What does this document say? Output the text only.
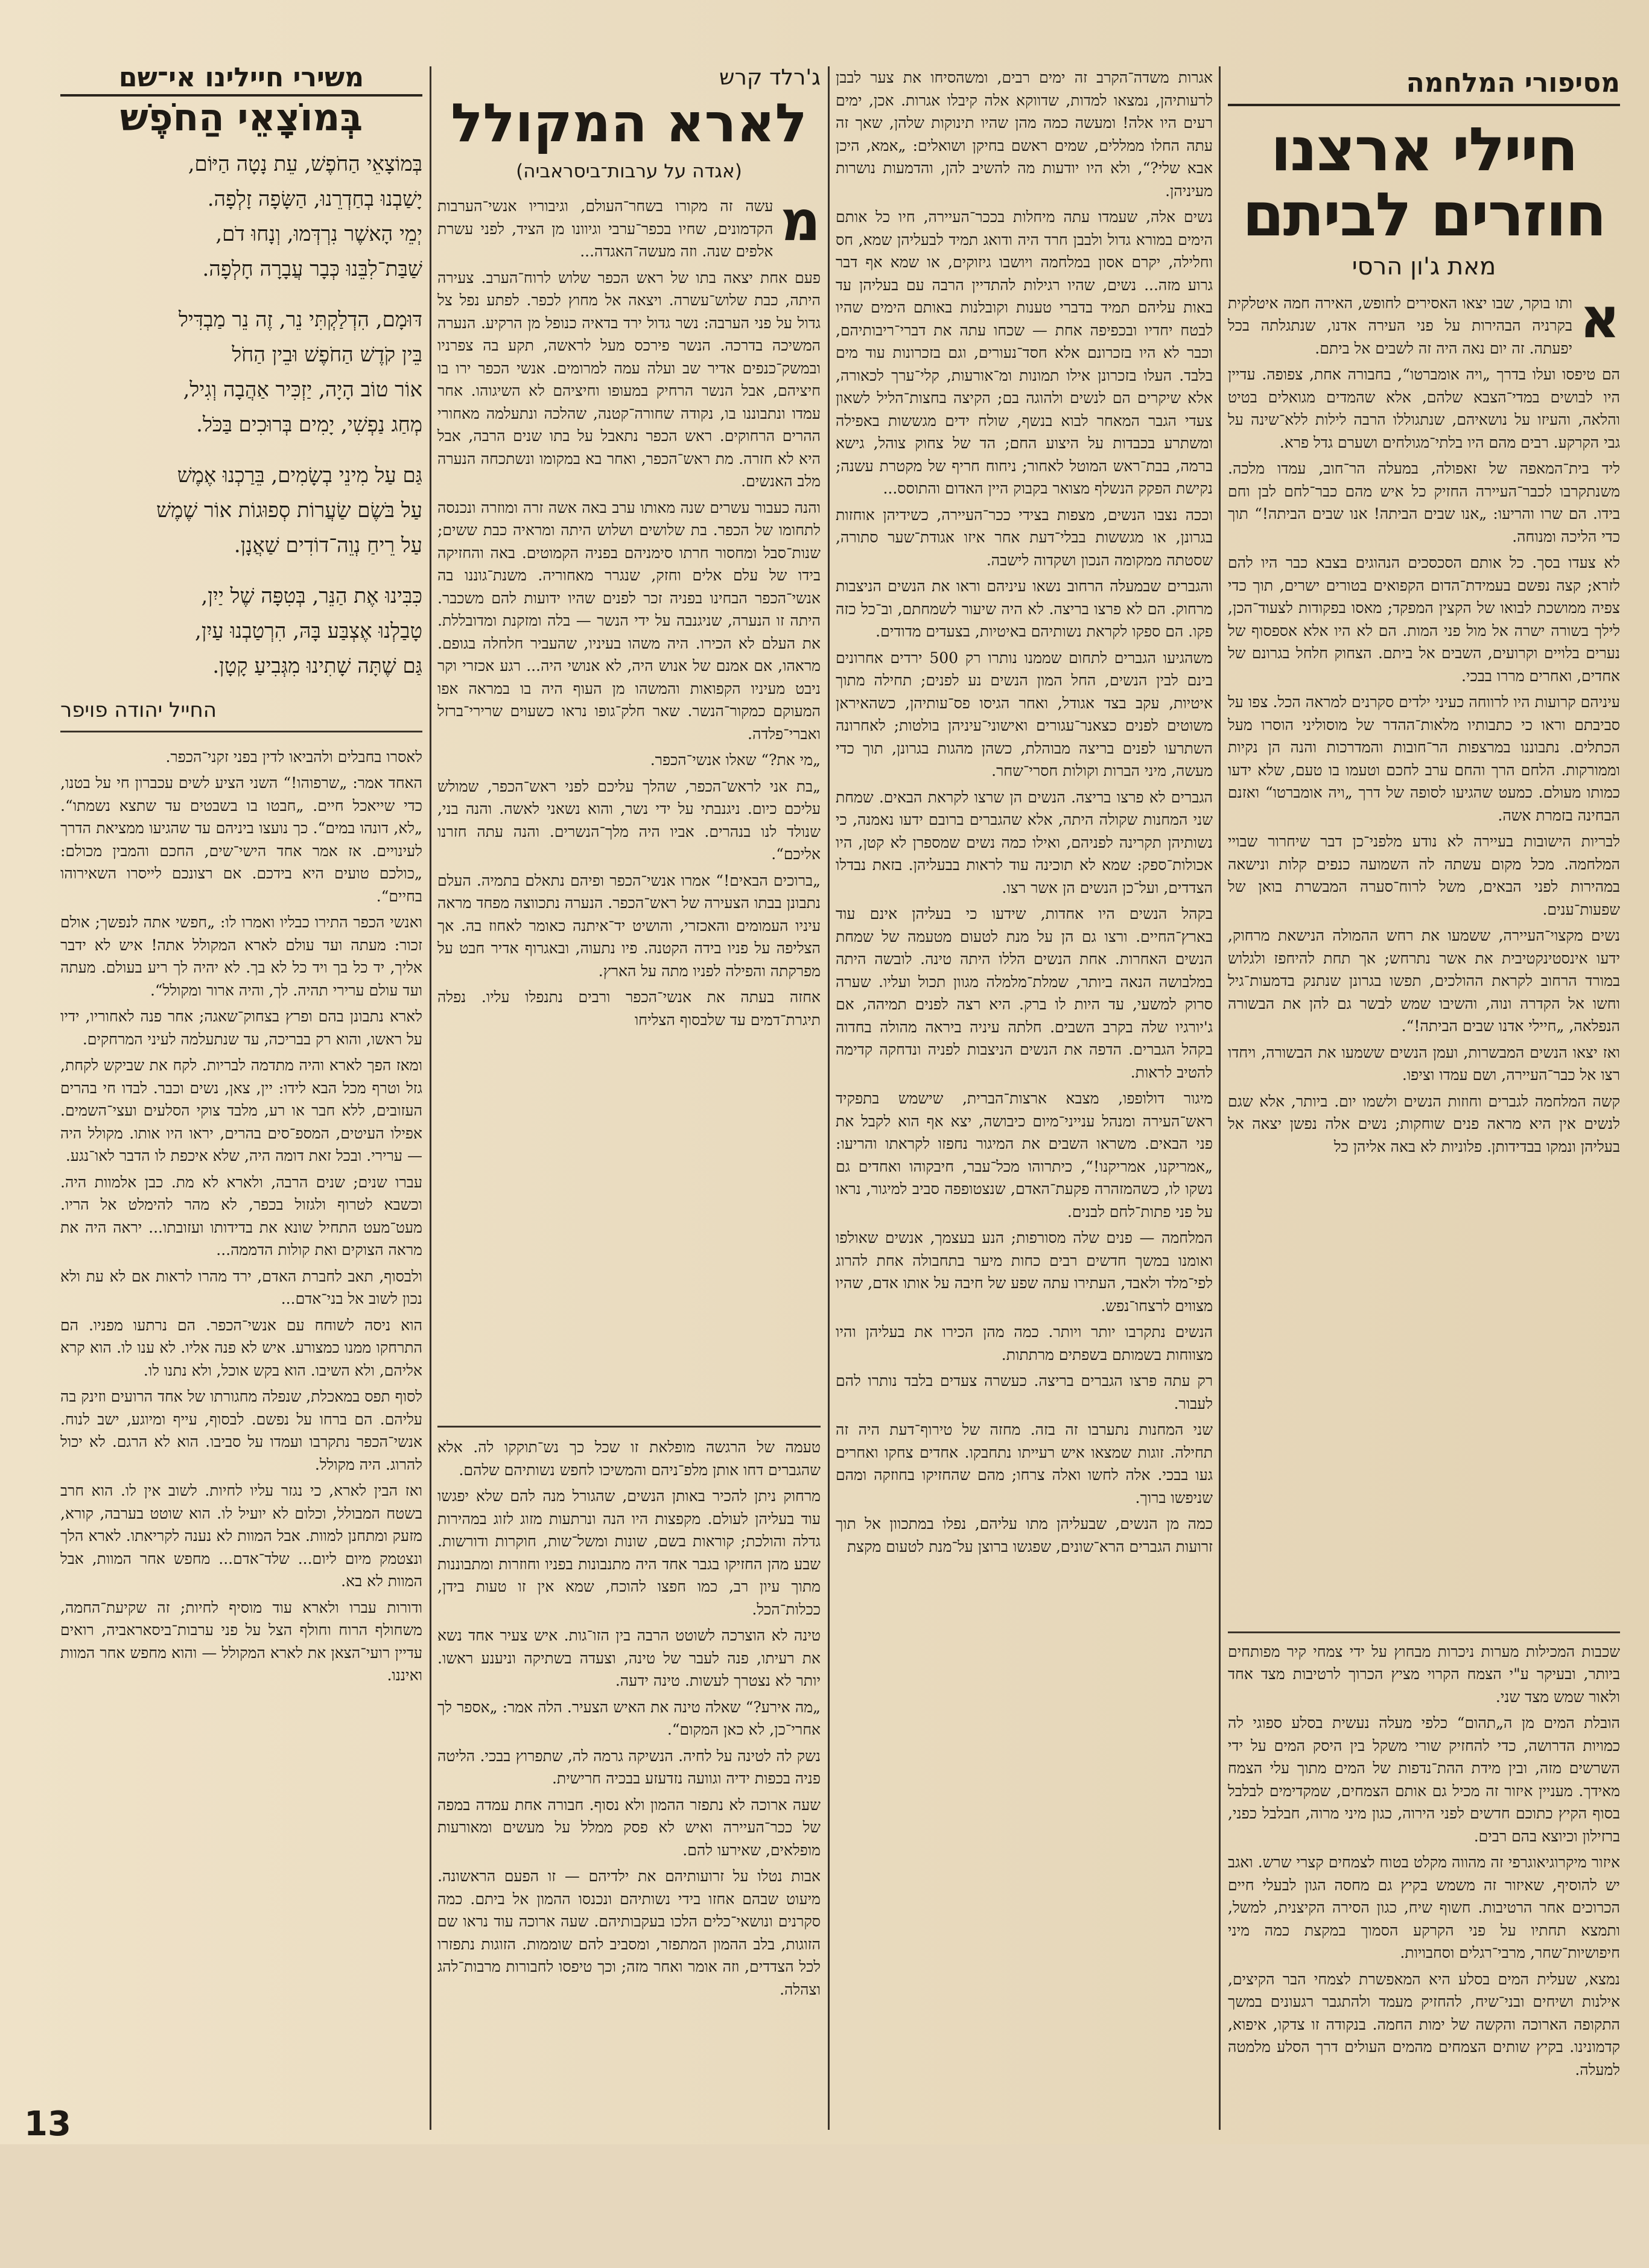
מסיפורי המלחמה
חיילי ארצנו חוזרים לביתם
מאת ג'ון הרסי

א
ותו בוקר, שבו יצאו האסירים לחופש, האירה חמה איטלקית בקרניה הבהירות על פני העירה אדנו, שנתגלתה בכל יפעתה. זה יום נאה היה זה לשבים אל ביתם.

הם טיפסו ועלו בדרך „ויה אומברטו“, בחבורה אחת, צפופה. עדיין היו לבושים במדי־הצבא שלהם, אלא שהמדים מגואלים בטיט והלאה, והעיזו על נושאיהם, שנתגוללו הרבה לילות ללא־שינה על גבי הקרקע. רבים מהם היו בלתי־מגולחים ושערם גדל פרא.

ליד בית־המאפה של זאפולה, במעלה הר־חוב, עמדו מלכה. משנתקרבו לכבר־העיירה החזיק כל איש מהם כבר־לחם לבן וחם בידו. הם שרו והריעו: „אנו שבים הביתה! אנו שבים הביתה!“ תוך כדי הליכה ומנוחה.

לא צעדו בסך. כל אותם הסכסכים הנהוגים בצבא כבר היו להם לזרא; קצה נפשם בעמידת־הדום הקפואים בטורים ישרים, תוך כדי צפיה ממושכת לבואו של הקצין המפקד; מאסו בפקודות לצעוד־הכן, לילך בשורה ישרה אל מול פני המות. הם לא היו אלא אספסוף של נערים בלויים וקרועים, השבים אל ביתם. הצחוק חלחל בגרונם של אחדים, ואחרים מררו בבכי.

עיניהם קרועות היו לרווחה כעיני ילדים סקרנים למראה הכל. צפו על סביבתם וראו כי כתבותיו מלאות־ההדר של מוסוליני הוסרו מעל הכתלים. נתבוננו במרצפות הר־חובות והמדרכות והנה הן נקיות וממורקות. הלחם הרך והחם ערב לחכם וטעמו בו טעם, שלא ידעו כמותו מעולם. כמעט שהגיעו לסופה של דרך „ויה אומברטו“ ואזנם הבחינה בזמרת אשה.

לבריות הישובות בעיירה לא נודע מלפני־כן דבר שיחרור שבויי המלחמה. מכל מקום עשתה לה השמועה כנפים קלות ונישאה במהירות לפני הבאים, משל לרוח־סערה המבשרת בואן של שפעות־ענים.

נשים מקצוי־העיירה, ששמעו את רחש ההמולה הנישאת מרחוק, ידעו אינסטינקטיבית את אשר נתרחש; אך תחת להיחפז ולגלוש במורד הרחוב לקראת ההולכים, תפשו בגרונן שנתנק בדמעות־גיל וחשו אל הקדרה ונוה, והשיבו שמש לבשר גם להן את הבשורה הנפלאה, „חיילי אדנו שבים הביתה!“.

ואז יצאו הנשים המבשרות, ועמן הנשים ששמעו את הבשורה, ויחדו רצו אל כבר־העיירה, ושם עמדו וציפו.

קשה המלחמה לגברים וחוזות הנשים ולשמו יום. ביותר, אלא שגם לנשים אין היא מראה פנים שוחקות; נשים אלה נפשן יצאה אל בעליהן ונמקו בבדידותן. פלוניות לא באה אליהן כל

שכבות המכילות מערות ניכרות מבחוץ על ידי צמחי קיר מפותחים ביותר, ובעיקר ע"י הצמח הקרוי מציץ הכרוך לרטיבות מצד אחד ולאור שמש מצד שני.

הובלת המים מן ה„תהום“ כלפי מעלה נעשית בסלע ספוגי לה כמויות הדרושה, כדי להחזיק שורי משקל בין היסק המים על ידי השרשים מזה, ובין מידת ההת־נדפות של המים מתוך עלי הצמח מאידך. מעניין איזור זה מכיל גם אותם הצמחים, שמקדימים לבלבל בסוף הקיץ כתוכם חדשים לפני הירוה, כגון מיני מרוה, חבלבל כפני, ברזילון וכיוצא בהם רבים.

איזור מיקרוגיאוגרפי זה מהווה מקלט בטוח לצמחים קצרי שרש. ואגב יש להוסיף, שאיזור זה משמש בקיץ גם מחסה הגון לבעלי חיים הכרוכים אחר הרטיבות. חשוף שיח, כגון הסירה הקיצנית, למשל, ותמצא תחתיו על פני הקרקע הסמוך במקצת כמה מיני חיפושיות־שחר, מרבי־רגלים וסחבויות.

נמצא, שעלית המים בסלע היא המאפשרת לצמחי הבר הקיצים, אילנות ושיחים ובני־שיח, להחזיק מעמד ולהתגבר רגעונים במשך התקופה הארוכה והקשה של ימות החמה. בנקודה זו צדקו, איפוא, קדמונינו. בקיץ שותים הצמחים מהמים העולים דרך הסלע מלמטה למעלה.

אגרות משדה־הקרב זה ימים רבים, ומשהסיחו את צער לבבן לרעותיהן, נמצאו למדות, שדווקא אלה קיבלו אגרות. אכן, ימים רעים היו אלה! ומעשה כמה מהן שהיו תינוקות שלהן, שאך זה עתה החלו ממללים, שמים ראשם בחיקן ושואלים: „אמא, היכן אבא שלי?“, ולא היו יודעות מה להשיב להן, והדמעות נושרות מעיניהן.

נשים אלה, שעמדו עתה מיחלות בככר־העיירה, חיו כל אותם הימים במורא גדול ולבבן חרד היה ודואג תמיד לבעליהן שמא, חס וחלילה, יקרם אסון במלחמה ויושבו גיזוקים, או שמא אף דבר גרוע מזה... נשים, שהיו רגילות להתדיין הרבה עם בעליהן עד באות עליהם תמיד בדברי טענות וקובלנות באותם הימים שהיו לבטח יחדיו ובכפיפה אחת — שכחו עתה את דברי־ריבותיהם, וכבר לא היו בזכרונם אלא חסד־נעורים, וגם בזכרונות עוד מים בלבד. העלו בזכרונן אילו תמונות ומ־אורעות, קלי־ערך לכאורה, אלא שיקרים הם לנשים ולהוגה בם; הקיצה בחצות־הליל לשאון צעדי הגבר המאחר לבוא בנשף, שולח ידים מגששות באפילה ומשתרע בכבדות על היצוע החם; הד של צחוק צוהל, גישא ברמה, בבת־ראש המוטל לאחור; ניחוח חריף של מקטרת עשנה; נקישת הפקק הנשלף מצואר בקבוק היין האדום והתוסס...

וככה נצבו הנשים, מצפות בצידי ככר־העיירה, כשידיהן אוחזות בגרונן, או מגששות בבלי־דעת אחר איזו אגודת־שער סתורה, שסטתה ממקומה הנכון ושקדוה לישבה.

והגברים שבמעלה הרחוב נשאו עיניהם וראו את הנשים הניצבות מרחוק. הם לא פרצו בריצה. לא היה שיעור לשמחתם, וב־כל כזה פקו. הם ספקו לקראת נשותיהם באיטיות, בצעדים מדודים.

משהגיעו הגברים לתחום שממנו נותרו רק 500 ירדים אחרונים בינם לבין הנשים, החל המון הנשים נע לפנים; תחילה מתוך איטיות, עקב בצד אגודל, ואחר הגיסו פס־עותיהן, כשהאיראן משוטים לפנים כצאנר־עגורים ואישוני־עיניהן בולטות; לאחרונה השתרעו לפנים בריצה מבוהלת, כשהן מהגות בגרונן, תוך כדי מעשה, מיני הברות וקולות חסרי־שחר.

הגברים לא פרצו בריצה. הנשים הן שרצו לקראת הבאים. שמחת שני המחנות שקולה היתה, אלא שהגברים ברובם ידעו נאמנה, כי נשותיהן תקרינה לפניהם, ואילו כמה נשים שמספרן לא קטן, היו אכולות־ספק: שמא לא תוכינה עוד לראות בבעליהן. בזאת נבדלו הצדדים, ועל־כן הנשים הן אשר רצו.

בקהל הנשים היו אחדות, שידעו כי בעליהן אינם עוד בארץ־החיים. ורצו גם הן על מנת לטעום מטעמה של שמחת הנשים האחרות. אחת הנשים הללו היתה טינה. לובשה היתה במלבושה הנאה ביותר, שמלת־מלמלה מגוון תכול ועליו. שערה סרוק למשעי, עד היות לו ברק. היא רצה לפנים תמיהה, אם ג'יורגיו שלה בקרב השבים. חלתה עיניה ביראה מהולה בחדוה בקהל הגברים. הדפה את הנשים הניצבות לפניה ונדחקה קדימה להטיב לראות.

מיגור דולופפו, מצבא ארצות־הברית, שישמש בתפקיד ראש־העירה ומנהל ענייני־מיום כיבושה, יצא אף הוא לקבל את פני הבאים. משראו השבים את המיגור נחפזו לקראתו והריעו: „אמריקנו, אמריקנו!“, כיתרוהו מכל־עבר, חיבקוהו ואחדים גם נשקו לו, כשהמזהרה פקעת־האדם, שנצטופפה סביב למיגור, נראו על פני פתות־לחם לבנים.

המלחמה — פנים שלה מסורפות; הנע בעצמך, אנשים שאולפו ואומנו במשך חדשים רבים כחות מיער בתחבולה אחת להרוג לפי־מלד ולאבד, העתירו עתה שפע של חיבה על אותו אדם, שהיו מצווים לרצחו־נפש.

הנשים נתקרבו יותר ויותר. כמה מהן הכירו את בעליהן והיו מצווחות בשמותם בשפתים מרתתות.

רק עתה פרצו הגברים בריצה. כעשרה צעדים בלבד נותרו להם לעבור.

שני המחנות נתערבו זה בזה. מחזה של טירוף־דעת היה זה תחילה. זוגות שמצאו איש רעייתו נתחבקו. אחדים צחקו ואחרים געו בבכי. אלה לחשו ואלה צרחו; מהם שהחזיקו בחוזקה ומהם שניפשו ברוך.

כמה מן הנשים, שבעליהן מתו עליהם, נפלו במתכוון אל תוך זרועות הגברים הרא־שונים, שפגשו ברוצן על־מנת לטעום מקצת

ג'רלד קרש
לארא המקולל
(אגדה על ערבות־ביסראביה)

מ
עשה זה מקורו בשחר־העולם, וגיבוריו אנשי־הערבות הקדמונים, שחיו בכפר־ערבי וגיוונו מן הציד, לפני עשרת אלפים שנה. וזה מעשה־האגדה...

פעם אחת יצאה בתו של ראש הכפר שלוש לרוח־הערב. צעירה היתה, כבת שלוש־עשרה. ויצאה אל מחוץ לכפר. לפתע נפל צל גדול על פני הערבה: נשר גדול ירד בדאיה כנופל מן הרקיע. הנערה המשיכה בדרכה. הנשר פירכס מעל לראשה, תקע בה צפרניו ובמשק־כנפים אדיר שב ועלה עמה למרומים. אנשי הכפר ירו בו חיציהם, אבל הנשר הרחיק במעופו וחיציהם לא השיגוהו. אחר עמדו ונתבוננו בו, נקודה שחורה־קטנה, שהלכה ונתעלמה מאחורי ההרים הרחוקים. ראש הכפר נתאבל על בתו שנים הרבה, אבל היא לא חזרה. מת ראש־הכפר, ואחר בא במקומו ונשתכחה הנערה מלב האנשים.

והנה כעבור עשרים שנה מאותו ערב באה אשה זרה ומוזרה ונכנסה לתחומו של הכפר. בת שלושים ושלוש היתה ומראיה כבת ששים; שנות־סבל ומחסור חרתו סימניהם בפניה הקמוטים. באה והחזיקה בידו של עלם אלים וחזק, שנגרר מאחוריה. משנת־גוננו בה אנשי־הכפר הבחינו בפניה זכר לפנים שהיו ידועות להם משכבר. היתה זו הנערה, שניגנבה על ידי הנשר — בלה ומזקנת ומדובללת. את העלם לא הכירו. היה משהו בעיניו, שהעביר חלחלה בגופם. מראהו, אם אמנם של אנוש היה, לא אנושי היה... רגע אכזרי וקר ניבט מעיניו הקפואות והמשהו מן העוף היה בו במראה אפו המעוקם כמקור־הנשר. שאר חלק־גופו נראו כשעוים שרירי־ברזל ואברי־פלדה.

„מי את?“ שאלו אנשי־הכפר.

„בת אני לראש־הכפר, שהלך עליכם לפני ראש־הכפר, שמולש עליכם כיום. ניגנבתי על ידי נשר, והוא נשאני לאשה. והנה בני, שנולד לנו בנהרים. אביו היה מלך־הנשרים. והנה עתה חזרנו אליכם“.

„ברוכים הבאים!“ אמרו אנשי־הכפר ופיהם נתאלם בתמיה. העלם נתבונן בבתו הצעירה של ראש־הכפר. הנערה נתכווצה מפחד מראה עיניו העמומים והאכזרי, והושיט יד־איתנה כאומר לאחוז בה. אך הצליפה על פניו בידה הקטנה. פיו נתעוה, ובאגרוף אדיר חבט על מפרקתה והפילה לפניו מתה על הארץ.

אחזה בעתה את אנשי־הכפר ורבים נתנפלו עליו. נפלה תיגרת־דמים עד שלבסוף הצליחו

טעמה של הרגשה מופלאת זו שכל כך נש־תוקקו לה. אלא שהגברים דחו אותן מלפ־ניהם והמשיכו לחפש נשותיהם שלהם.

מרחוק ניתן להכיר באותן הנשים, שהגורל מנה להם שלא יפגשו עוד בעליהן לעולם. מקפצות היו הנה ונרתעות מזוג לזוג במהירות גדלה והולכת; קוראות בשם, שונות ומשל־שות, חוקרות ודורשות. שבע מהן החזיקו בגבר אחד היה מתנבונות בפניו וחוזרות ומתבוננות מתוך עיון רב, כמו חפצו להוכח, שמא אין זו טעות בידן, ככלות־הכל.

טינה לא הוצרכה לשוטט הרבה בין הזו־גות. איש צעיר אחד נשא את רעיתו, פנה לעבר של טינה, וצעדה בשתיקה וניענע ראשו. יותר לא נצטרך לעשות. טינה ידעה.

„מה אירע?“ שאלה טינה את האיש הצעיר. הלה אמר: „אספר לך אחרי־כן, לא כאן המקום“.

נשק לה לטינה על לחיה. הנשיקה גרמה לה, שתפרוץ בבכי. הליטה פניה בכפות ידיה וגוועה נזדעזע בבכיה חרישית.

שעה ארוכה לא נתפזר ההמון ולא נסוף. חבורה אחת עמדה במפה של ככר־העיירה ואיש לא פסק ממלל על מעשים ומאורעות מופלאים, שאירעו להם.

אבות נטלו על זרועותיהם את ילדיהם — זו הפעם הראשונה. מיעוט שבהם אחזו בידי נשותיהם ונכנסו ההמון אל ביתם. כמה סקרנים ונושאי־כלים הלכו בעקבותיהם. שעה ארוכה עוד נראו שם הזוגות, בלב ההמון המתפזר, ומסביב להם שוממות. הזוגות נתפזרו לכל הצדדים, וזה אומר ואחר מזה; וכך טיפסו לחבורות מרבות־להג וצהלה.

משירי חיילינו אי־שם
בְּמוֹצָאֵי הַחֹפֶשׁ
בְּמוֹצָאֵי הַחֹפֶשׁ, עֵת נָטָה הַיּוֹם,
יָשַׁבְנוּ בְחַדְרֵנוּ, הַשָּׂפָה זָלְפָה.
יְמֵי הָאשֶׁר נִרְדְּמוּ, וְנָחוּ דֹם,
שַׁבַּת־לִבֵּנוּ כְּבָר עֲבָרָה חָלְפָה.
דּוּמָם, הִדְלַקְתִּי נֵר, זֶה נֵר מַבְדִּיל
בֵּין קֹדֶשׁ הַחֹפֶשׁ וּבֵין הַחֹל
אוֹר טוֹב הָיָה, יַזְכִּיר אַהֲבָה וְגִיל,
מְחַג נַפְשִׁי, יָמִים בְּרוּכִים בַּכֹּל.
גַּם עַל מִינֵי בְשָׂמִים, בֵּרַכְנוּ אֶמֶשׁ
עַל בֹּשֶׂם שַׂעֲרוֹת סְפוּגוֹת אוֹר שֶׁמֶשׁ
עַל רֵיחַ נְוֵה־דוֹדִים שַׁאֲנָן.
כִּבִּינוּ אֶת הַנֵּר, בְּטִפָּה שֶׁל יַיִן,
טָבַלְנוּ אֶצְבַּע בָּהּ, הִרְטַבְנוּ עַיִן,
גַּם שֶׁתָּה שָׁתִינוּ מִגְּבִיעַ קָטָן.
החייל יהודה פויפר

לאסרו בחבלים ולהביאו לדין בפני זקני־הכפר.

האחד אמר: „שרפוהו!“ השני הציע לשים עכברון חי על בטנו, כדי שייאכל חיים. „חבטו בו בשבטים עד שתצא נשמתו“. „לא, דונהו במים“. כך נועצו ביניהם עד שהגיעו ממציאת הדרך לעינויים. אז אמר אחד הישי־שים, החכם והמבין מכולם: „כולכם טועים היא בידכם. אם רצונכם לייסרו השאירוהו בחיים“.

ואנשי הכפר התירו כבליו ואמרו לו: „חפשי אתה לנפשך; אולם זכור: מעתה ועד עולם לארא המקולל אתה! איש לא ידבר אליך, יד כל בך ויד כל לא בך. לא יהיה לך ריע בעולם. מעתה ועד עולם ערירי תהיה. לך, והיה ארור ומקולל“.

לארא נתבונן בהם ופרץ בצחוק־שאגה; אחר פנה לאחוריו, ידיו על ראשו, והוא רק בבריכה, עד שנתעלמה לעיני המרחקים.

ומאז הפך לארא והיה מתדמה לבריות. לקח את שביקש לקחת, גזל וטרף מכל הבא לידו: יין, צאן, נשים וכבר. לבדו חי בהרים העזובים, ללא חבר או רע, מלבד צוקי הסלעים ועצי־השמים. אפילו העיטים, המספ־סים בהרים, יראו היו אותו. מקולל היה — ערירי. ובכל זאת דומה היה, שלא איכפת לו הדבר לאו־נגע.

עברו שנים; שנים הרבה, ולארא לא מת. כבן אלמוות היה. וכשבא לטרוף ולגזול בכפר, לא מהר להימלט אל הריו. מעט־מעט התחיל שונא את בדידותו ועזובתו... יראה היה את מראה הצוקים ואת קולות הדממה...

ולבסוף, תאב לחברת האדם, ירד מהרו לראות אם לא עת ולא נכון לשוב אל בני־אדם...

הוא ניסה לשוחח עם אנשי־הכפר. הם נרתעו מפניו. הם התרחקו ממנו כמצורע. איש לא פנה אליו. לא ענו לו. הוא קרא אליהם, ולא השיבו. הוא בקש אוכל, ולא נתנו לו.

לסוף תפס במאכלת, שנפלה מחגורתו של אחד הרועים וזינק בה עליהם. הם ברחו על נפשם. לבסוף, עייף ומיוגע, ישב לנוח. אנשי־הכפר נתקרבו ועמדו על סביבו. הוא לא הרגם. לא יכול להרוג. היה מקולל.

ואז הבין לארא, כי נגזר עליו לחיות. לשוב אין לו. הוא חרב בשטח המבולל, וכלום לא יועיל לו. הוא שוטט בערבה, קורא, מזעק ומתחנן למוות. אבל המוות לא נענה לקריאתו. לארא הלך ונצטמק מיום ליום... שלד־אדם... מחפש אחר המוות, אבל המוות לא בא.

ודורות עברו ולארא עוד מוסיף לחיות; זה שקיעת־החמה, משחולף הרוח וחולף הצל על פני ערבות־ביסאראביה, רואים עדיין רועי־הצאן את לארא המקולל — והוא מחפש אחר המוות ואיננו.

13
